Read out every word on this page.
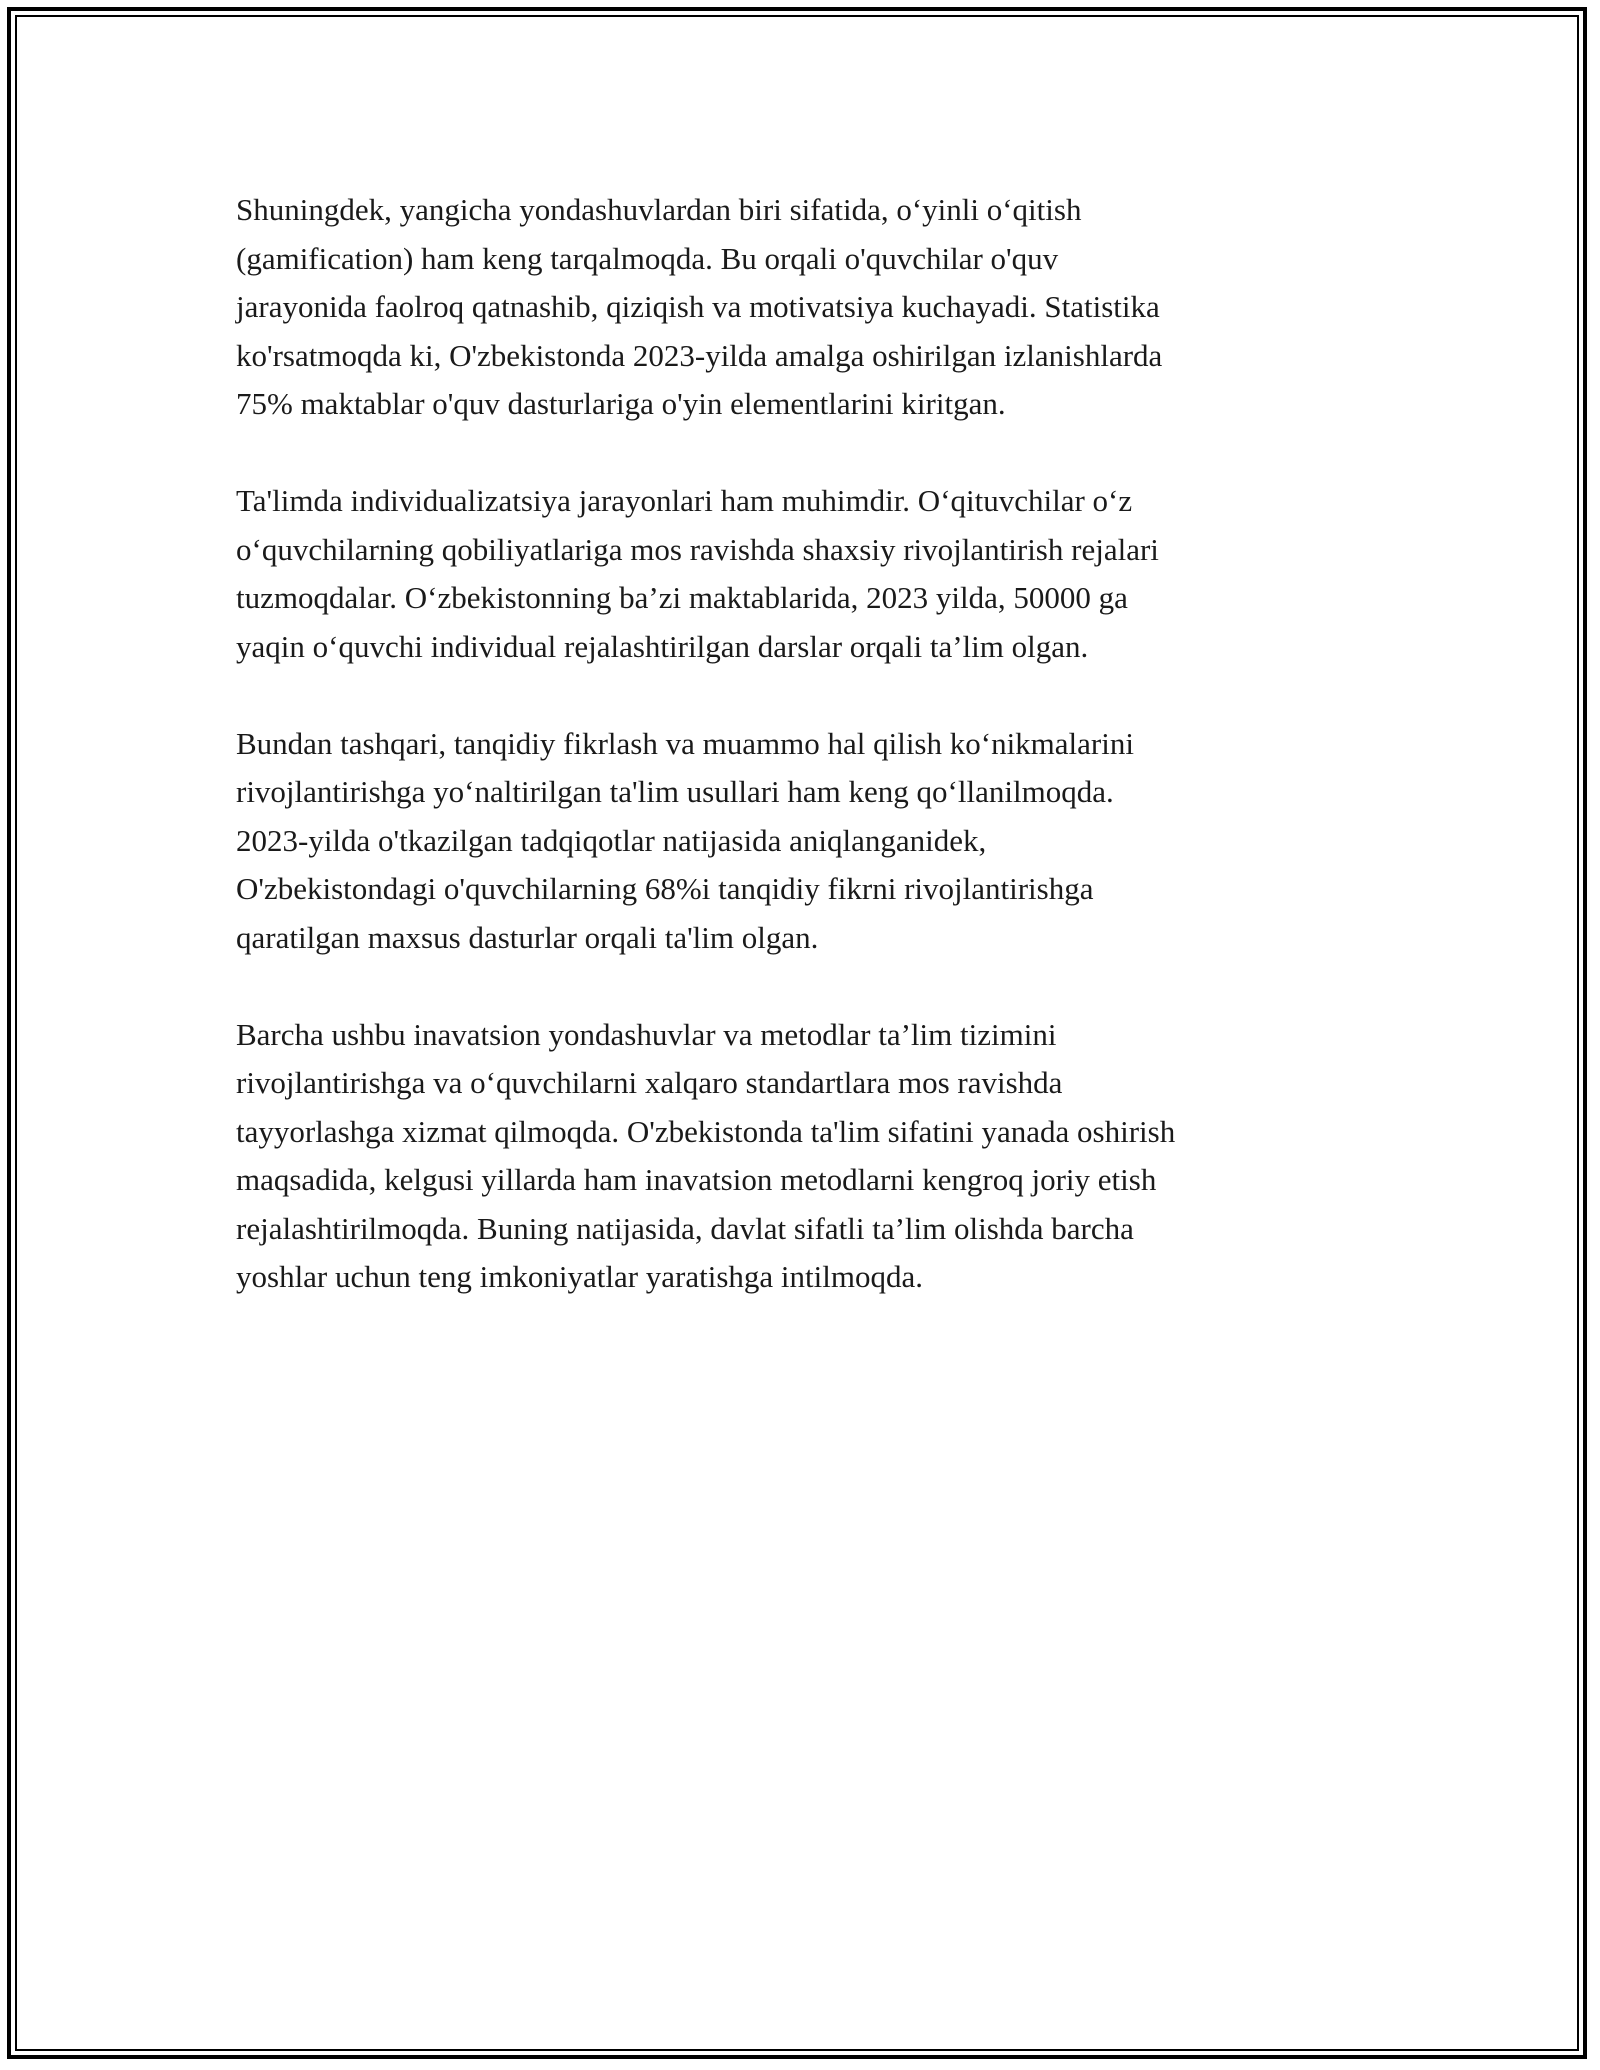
Shuningdek, yangicha yondashuvlardan biri sifatida, o‘yinli o‘qitish
(gamification) ham keng tarqalmoqda. Bu orqali o'quvchilar o'quv
jarayonida faolroq qatnashib, qiziqish va motivatsiya kuchayadi. Statistika
ko'rsatmoqda ki, O'zbekistonda 2023-yilda amalga oshirilgan izlanishlarda
75% maktablar o'quv dasturlariga o'yin elementlarini kiritgan.

Ta'limda individualizatsiya jarayonlari ham muhimdir. O‘qituvchilar o‘z
o‘quvchilarning qobiliyatlariga mos ravishda shaxsiy rivojlantirish rejalari
tuzmoqdalar. O‘zbekistonning ba’zi maktablarida, 2023 yilda, 50000 ga
yaqin o‘quvchi individual rejalashtirilgan darslar orqali ta’lim olgan.

Bundan tashqari, tanqidiy fikrlash va muammo hal qilish ko‘nikmalarini
rivojlantirishga yo‘naltirilgan ta'lim usullari ham keng qo‘llanilmoqda.
2023-yilda o'tkazilgan tadqiqotlar natijasida aniqlanganidek,
O'zbekistondagi o'quvchilarning 68%i tanqidiy fikrni rivojlantirishga
qaratilgan maxsus dasturlar orqali ta'lim olgan.

Barcha ushbu inavatsion yondashuvlar va metodlar ta’lim tizimini
rivojlantirishga va o‘quvchilarni xalqaro standartlara mos ravishda
tayyorlashga xizmat qilmoqda. O'zbekistonda ta'lim sifatini yanada oshirish
maqsadida, kelgusi yillarda ham inavatsion metodlarni kengroq joriy etish
rejalashtirilmoqda. Buning natijasida, davlat sifatli ta’lim olishda barcha
yoshlar uchun teng imkoniyatlar yaratishga intilmoqda.
